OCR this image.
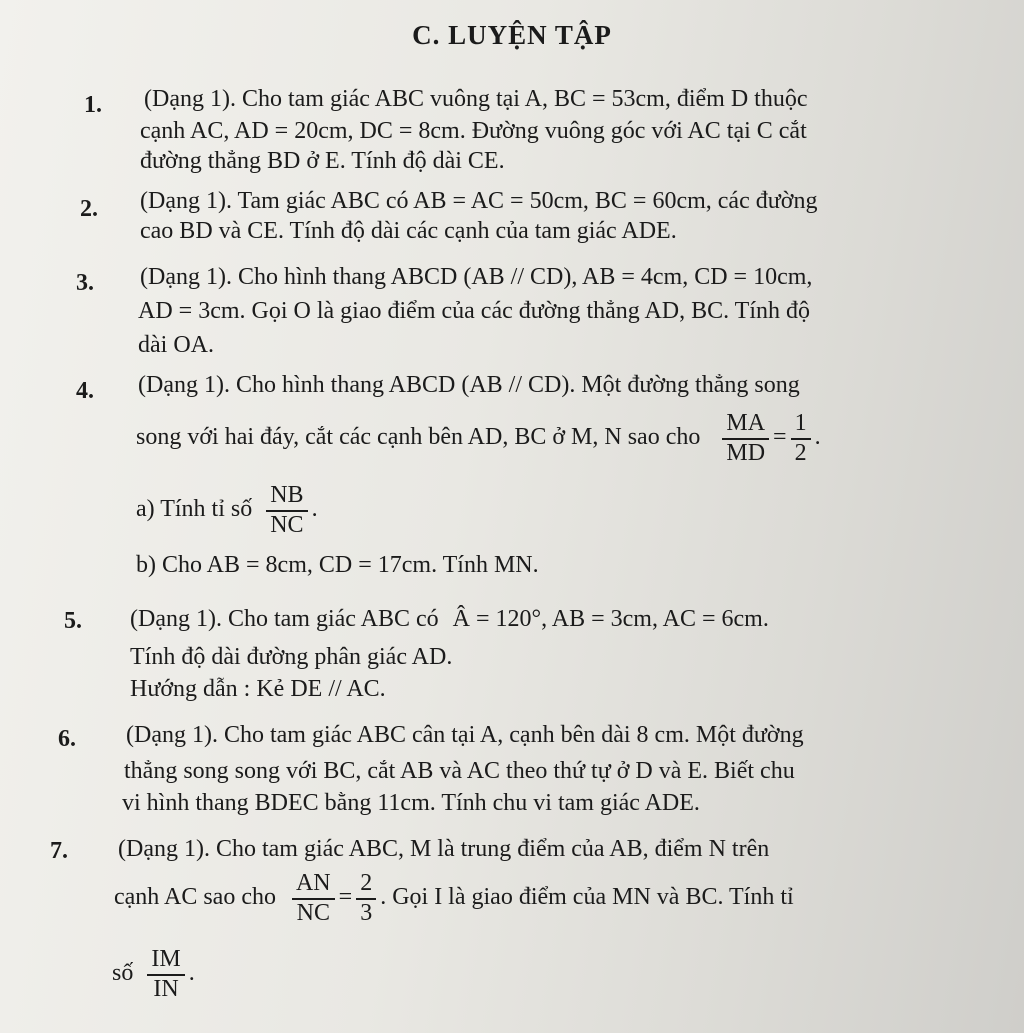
C. LUYỆN TẬP
1. (Dạng 1). Cho tam giác ABC vuông tại A, BC = 53cm, điểm D thuộc
cạnh AC, AD = 20cm, DC = 8cm. Đường vuông góc với AC tại C cắt
đường thẳng BD ở E. Tính độ dài CE.
2. (Dạng 1). Tam giác ABC có AB = AC = 50cm, BC = 60cm, các đường
cao BD và CE. Tính độ dài các cạnh của tam giác ADE.
3. (Dạng 1). Cho hình thang ABCD (AB // CD), AB = 4cm, CD = 10cm,
AD = 3cm. Gọi O là giao điểm của các đường thẳng AD, BC. Tính độ
dài OA.
4. (Dạng 1). Cho hình thang ABCD (AB // CD). Một đường thẳng song
song với hai đáy, cắt các cạnh bên AD, BC ở M, N sao cho $\frac{MA}{MD} = \frac{1}{2}$ .
a) Tính tỉ số $\frac{NB}{NC}$ .
b) Cho AB = 8cm, CD = 17cm. Tính MN.
5. (Dạng 1). Cho tam giác ABC có Â = 120°, AB = 3cm, AC = 6cm.
Tính độ dài đường phân giác AD.
Hướng dẫn : Kẻ DE // AC.
6. (Dạng 1). Cho tam giác ABC cân tại A, cạnh bên dài 8 cm. Một đường
thẳng song song với BC, cắt AB và AC theo thứ tự ở D và E. Biết chu
vi hình thang BDEC bằng 11cm. Tính chu vi tam giác ADE.
7. (Dạng 1). Cho tam giác ABC, M là trung điểm của AB, điểm N trên
cạnh AC sao cho $\frac{AN}{NC} = \frac{2}{3}$ . Gọi I là giao điểm của MN và BC. Tính tỉ
số $\frac{IM}{IN}$ .
